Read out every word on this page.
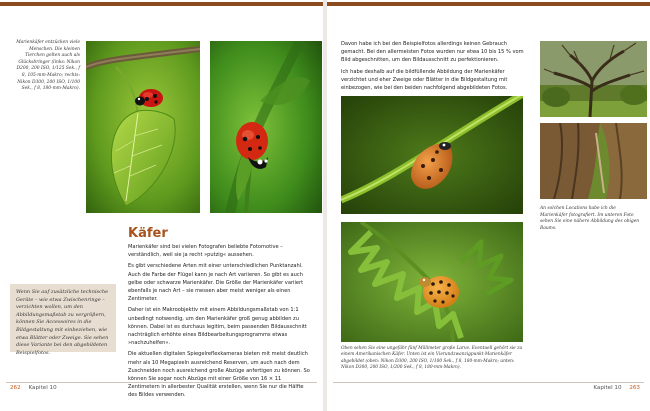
Marienkäfer entzücken viele Menschen. Die kleinen Tierchen gelten auch als Glücksbringer (links: Nikon D200, 200 ISO, 1/125 Sek., f 8, 105-mm-Makro; rechts: Nikon D300, 200 ISO, 1/100 Sek., f 8, 180-mm-Makro).
Käfer

Marienkäfer sind bei vielen Fotografen beliebte Fotomotive – verständlich, weil sie ja recht »putzig« aussehen.

Es gibt verschiedene Arten mit einer unterschiedlichen Punktanzahl. Auch die Farbe der Flügel kann je nach Art variieren. So gibt es auch gelbe oder schwarze Marienkäfer. Die Größe der Marienkäfer variiert ebenfalls je nach Art – sie messen aber meist weniger als einen Zentimeter.

Daher ist ein Makroobjektiv mit einem Abbildungsmaßstab von 1:1 unbedingt notwendig, um den Marienkäfer groß genug abbilden zu können. Dabei ist es durchaus legitim, beim passenden Bildausschnitt nachträglich erhöhte eines Bildbearbeitungsprogramms etwas »nachzuhelfen«.

Die aktuellen digitalen Spiegelreflexkameras bieten mit meist deutlich mehr als 10 Megapixeln ausreichend Reserven, um auch nach dem Zuschneiden noch ausreichend große Abzüge anfertigen zu können. So können Sie sogar noch Abzüge mit einer Größe von 16 × 11 Zentimetern in allerbester Qualität erstellen, wenn Sie nur die Hälfte des Bildes verwenden.

Wenn Sie auf zusätzliche technische Geräte – wie etwa Zwischenringe – verzichten wollen, um den Abbildungsmaßstab zu vergrößern, können Sie Accessoires in die Bildgestaltung mit einbeziehen, wie etwa Blätter oder Zweige. Sie sehen diese Variante bei den abgebildeten Beispielfotos.
262 Kapitel 10

Davon habe ich bei den Beispielfotos allerdings keinen Gebrauch gemacht. Bei den allermeisten Fotos wurden nur etwa 10 bis 15 % vom Bild abgeschnitten, um den Bildausschnitt zu perfektionieren.

Ich habe deshalb auf die bildfüllende Abbildung der Marienkäfer verzichtet und eher Zweige oder Blätter in die Bildgestaltung mit einbezogen, wie bei den beiden nachfolgend abgebildeten Fotos.

An solchen Locations habe ich die Marienkäfer fotografiert. Im unteren Foto sehen Sie eine nähere Abbildung des obigen Baums.
Oben sehen Sie eine ungefähr fünf Millimeter große Larve. Eventuell gehört sie zu einem Amerikanischen Käfer. Unten ist ein Vierundzwanzigpunkt-Marienkäfer abgebildet (oben: Nikon D300, 200 ISO, 1/100 Sek., f 8, 180-mm-Makro; unten: Nikon D300, 200 ISO, 1/200 Sek., f 8, 180-mm-Makro).
Kapitel 10 263
